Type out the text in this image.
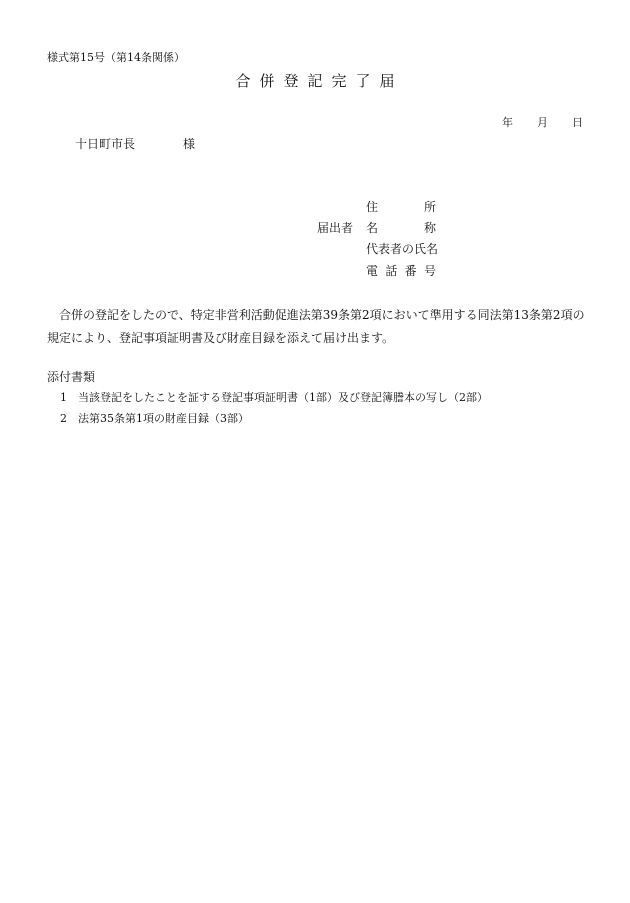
様式第15号（第14条関係）
合併登記完了届
年 月 日
十日町市長	様
届出者
住所
名称
代表者の氏名
電話番号
合併の登記をしたので、特定非営利活動促進法第39条第2項において準用する同法第13条第2項の規定により、登記事項証明書及び財産目録を添えて届け出ます。
添付書類
1 当該登記をしたことを証する登記事項証明書（1部）及び登記簿謄本の写し（2部）
2 法第35条第1項の財産目録（3部）
